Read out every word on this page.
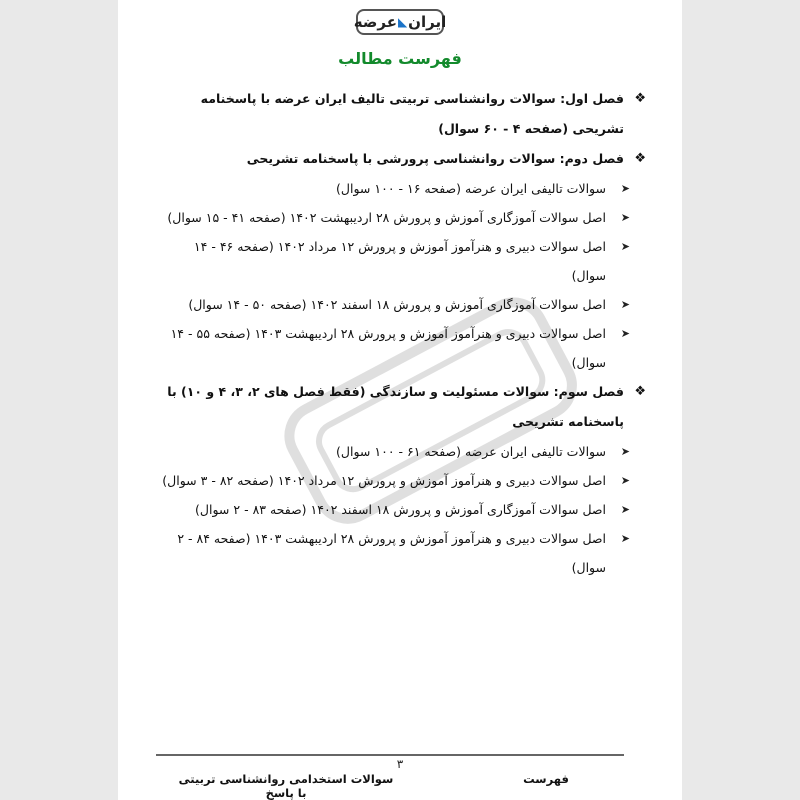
ایران
◣
عرضه
فهرست مطالب

❖
فصل اول: سوالات روانشناسی تربیتی تالیف ایران عرضه با پاسخنامه تشریحی (صفحه ۴ - ۶۰ سوال)

❖
فصل دوم: سوالات روانشناسی پرورشی با پاسخنامه تشریحی

➤
سوالات تالیفی ایران عرضه (صفحه ۱۶ - ۱۰۰ سوال)

➤
اصل سوالات آموزگاری آموزش و پرورش ۲۸ اردیبهشت ۱۴۰۲ (صفحه ۴۱ - ۱۵ سوال)

➤
اصل سوالات دبیری و هنرآموز آموزش و پرورش ۱۲ مرداد ۱۴۰۲ (صفحه ۴۶ - ۱۴ سوال)

➤
اصل سوالات آموزگاری آموزش و پرورش ۱۸ اسفند ۱۴۰۲ (صفحه ۵۰ - ۱۴ سوال)

➤
اصل سوالات دبیری و هنرآموز آموزش و پرورش ۲۸ اردیبهشت ۱۴۰۳ (صفحه ۵۵ - ۱۴ سوال)

❖
فصل سوم: سوالات مسئولیت و سازندگی (فقط فصل های ۲، ۳، ۴ و ۱۰) با پاسخنامه تشریحی

➤
سوالات تالیفی ایران عرضه (صفحه ۶۱ - ۱۰۰ سوال)

➤
اصل سوالات دبیری و هنرآموز آموزش و پرورش ۱۲ مرداد ۱۴۰۲ (صفحه ۸۲ - ۳ سوال)

➤
اصل سوالات آموزگاری آموزش و پرورش ۱۸ اسفند ۱۴۰۲ (صفحه ۸۳ - ۲ سوال)

➤
اصل سوالات دبیری و هنرآموز آموزش و پرورش ۲۸ اردیبهشت ۱۴۰۳ (صفحه ۸۴ - ۲ سوال)

۳
سوالات استخدامی روانشناسی تربیتی با پاسخ
فهرست
